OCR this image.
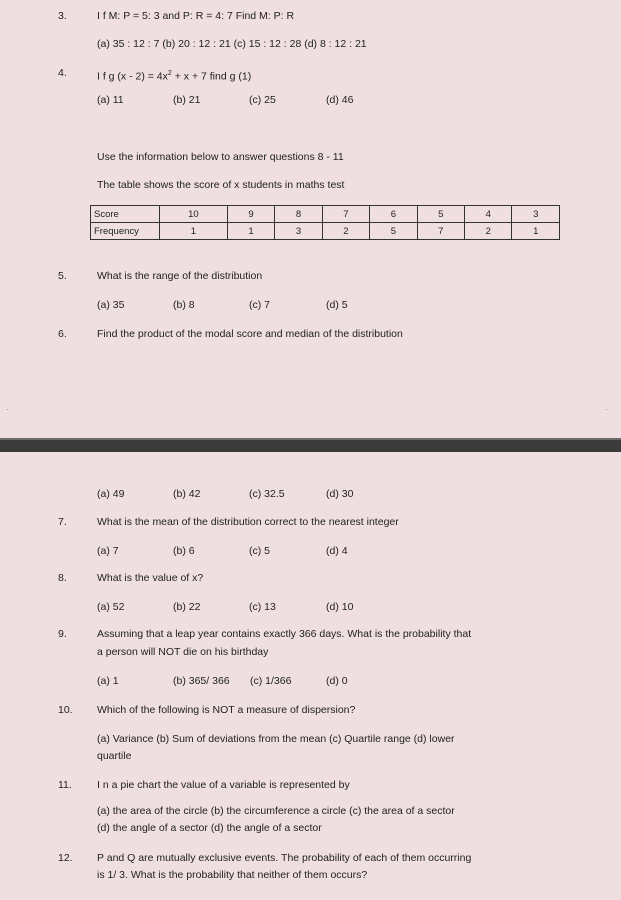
3.	I f M: P = 5: 3 and P: R = 4: 7 Find M: P: R
(a) 35 : 12 : 7 (b) 20 : 12 : 21 (c) 15 : 12 : 28 (d) 8 : 12 : 21
4.	I f g $(x - 2) = 4x^2 + x + 7$ find g (1)
(a) 11	(b) 21	(c) 25	(d) 46
Use the information below to answer questions 8 - 11
The table shows the score of x students in maths test
Score	10	9	8	7	6	5	4	3
Frequency	1	1	3	2	5	7	2	1
5.	What is the range of the distribution
(a) 35	(b) 8	(c) 7	(d) 5
6.	Find the product of the modal score and median of the distribution
·	·
(a) 49	(b) 42	(c) 32.5	(d) 30
7.	What is the mean of the distribution correct to the nearest integer
(a) 7	(b) 6	(c) 5	(d) 4
8.	What is the value of x?
(a) 52	(b) 22	(c) 13	(d) 10
9.	Assuming that a leap year contains exactly 366 days. What is the probability that
a person will NOT die on his birthday
(a) 1	(b) 365/ 366 (c) 1/366	(d) 0
10. Which of the following is NOT a measure of dispersion?
(a) Variance (b) Sum of deviations from the mean (c) Quartile range (d) lower
quartile
11. I n a pie chart the value of a variable is represented by
(a) the area of the circle (b) the circumference a circle (c) the area of a sector
(d) the angle of a sector (d) the angle of a sector
12. P and Q are mutually exclusive events. The probability of each of them occurring
is 1/ 3. What is the probability that neither of them occurs?
